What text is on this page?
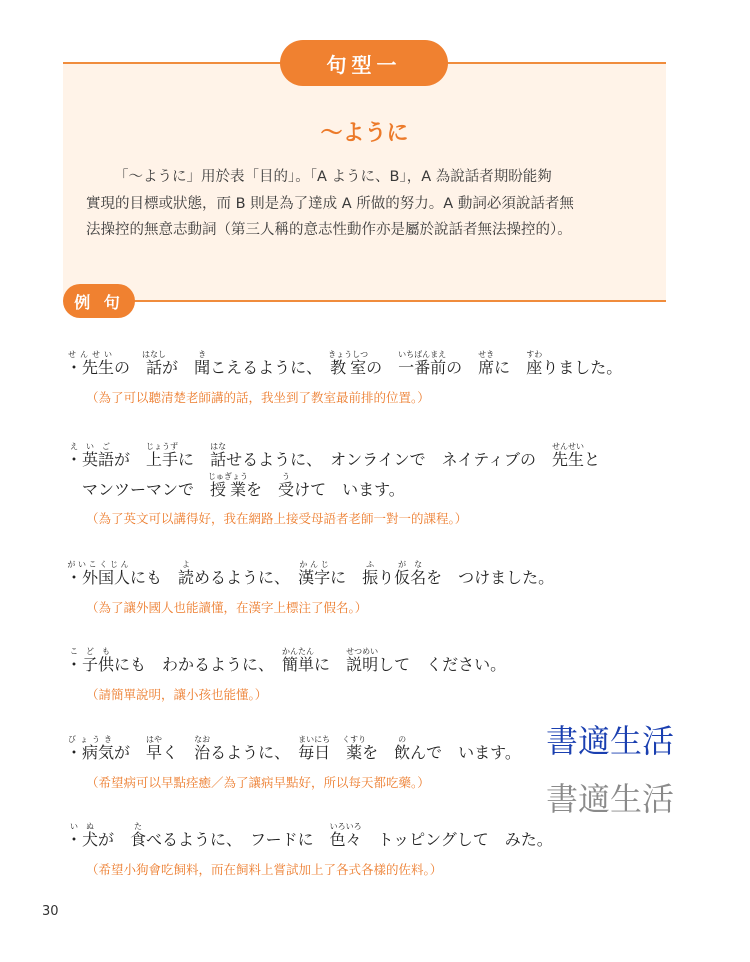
句型一
〜ように

「〜ように」用於表「目的」。「A ように、B」，A 為說話者期盼能夠

實現的目標或狀態，而 B 則是為了達成 A 所做的努力。A 動詞必須說話者無

法操控的無意志動詞（第三人稱的意志性動作亦是屬於說話者無法操控的）。

例 句
・先生せんせいの　話はなしが　聞きこえるように、　教室きょうしつの　一番前いちばんまえの　席せきに　座すわりました。
（為了可以聽清楚老師講的話，我坐到了教室最前排的位置。）
・英語えいごが　上手じょうずに　話はなせるように、　オンラインで　ネイティブの　先生せんせいと
マンツーマンで　授業じゅぎょうを　受うけて　います。
（為了英文可以講得好，我在網路上接受母語者老師一對一的課程。）
・外国人がいこくじんにも　読よめるように、　漢字かんじに　振ふり仮名がなを　つけました。
（為了讓外國人也能讀懂，在漢字上標注了假名。）
・子供こどもにも　わかるように、　簡単かんたんに　説明せつめいして　ください。
（請簡單說明，讓小孩也能懂。）
・病気びょうきが　早はやく　治なおるように、　毎日まいにち　薬くすりを　飲のんで　います。
（希望病可以早點痊癒／為了讓病早點好，所以每天都吃藥。）
・犬いぬが　食たべるように、　フードに　色々いろいろ　トッピングして　みた。
（希望小狗會吃飼料，而在飼料上嘗試加上了各式各樣的佐料。）
書適生活
書適生活
30
